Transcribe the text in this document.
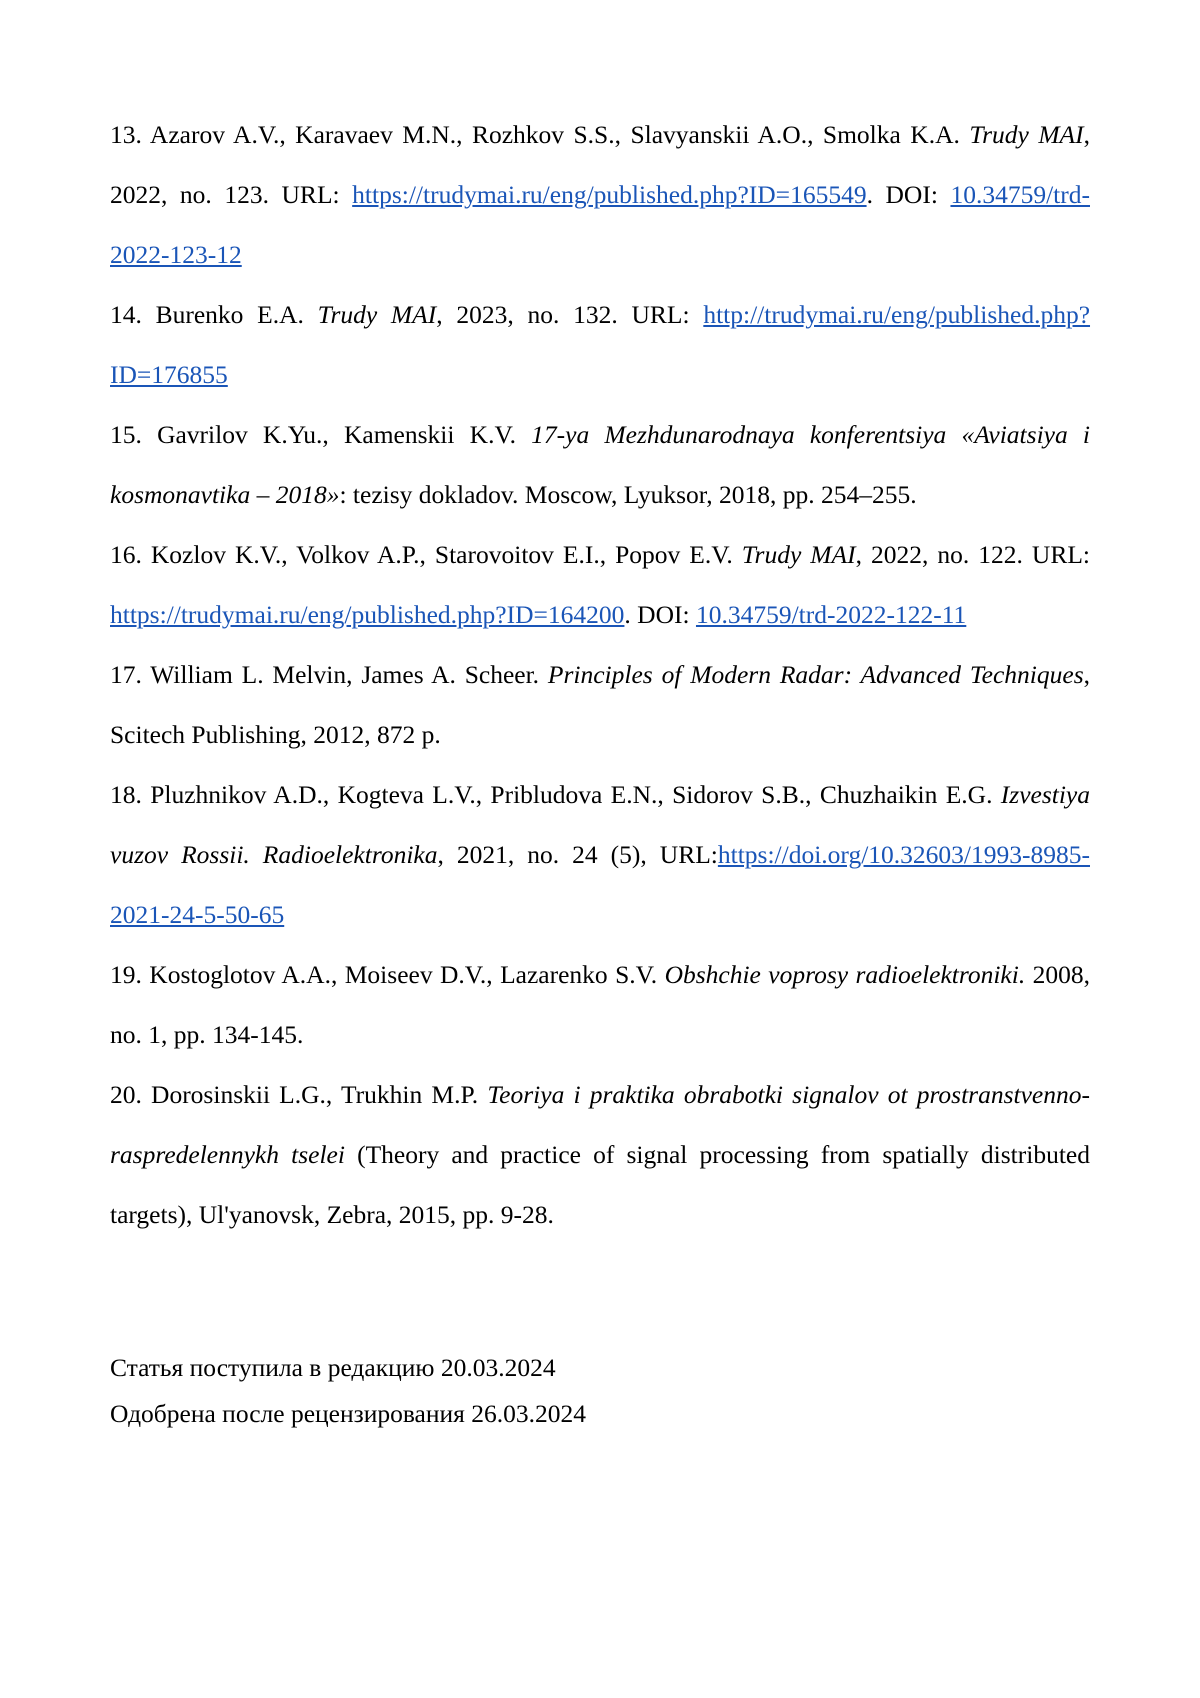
13. Azarov A.V., Karavaev M.N., Rozhkov S.S., Slavyanskii A.O., Smolka K.A. Trudy MAI, 2022, no. 123. URL: https://trudymai.ru/eng/published.php?ID=165549. DOI: 10.34759/trd-2022-123-12

14. Burenko E.A. Trudy MAI, 2023, no. 132. URL: http://trudymai.ru/eng/published.php?ID=176855

15. Gavrilov K.Yu., Kamenskii K.V. 17-ya Mezhdunarodnaya konferentsiya «Aviatsiya i kosmonavtika – 2018»: tezisy dokladov. Moscow, Lyuksor, 2018, pp. 254–255.

16. Kozlov K.V., Volkov A.P., Starovoitov E.I., Popov E.V. Trudy MAI, 2022, no. 122. URL: https://trudymai.ru/eng/published.php?ID=164200. DOI: 10.34759/trd-2022-122-11

17. William L. Melvin, James A. Scheer. Principles of Modern Radar: Advanced Techniques, Scitech Publishing, 2012, 872 p.

18. Pluzhnikov A.D., Kogteva L.V., Pribludova E.N., Sidorov S.B., Chuzhaikin E.G. Izvestiya vuzov Rossii. Radioelektronika, 2021, no. 24 (5), URL:https://doi.org/10.32603/1993-8985-2021-24-5-50-65

19. Kostoglotov A.A., Moiseev D.V., Lazarenko S.V. Obshchie voprosy radioelektroniki. 2008, no. 1, pp. 134-145.

20. Dorosinskii L.G., Trukhin M.P. Teoriya i praktika obrabotki signalov ot prostranstvenno-raspredelennykh tselei (Theory and practice of signal processing from spatially distributed targets), Ul'yanovsk, Zebra, 2015, pp. 9-28.

Статья поступила в редакцию 20.03.2024
Одобрена после рецензирования 26.03.2024
